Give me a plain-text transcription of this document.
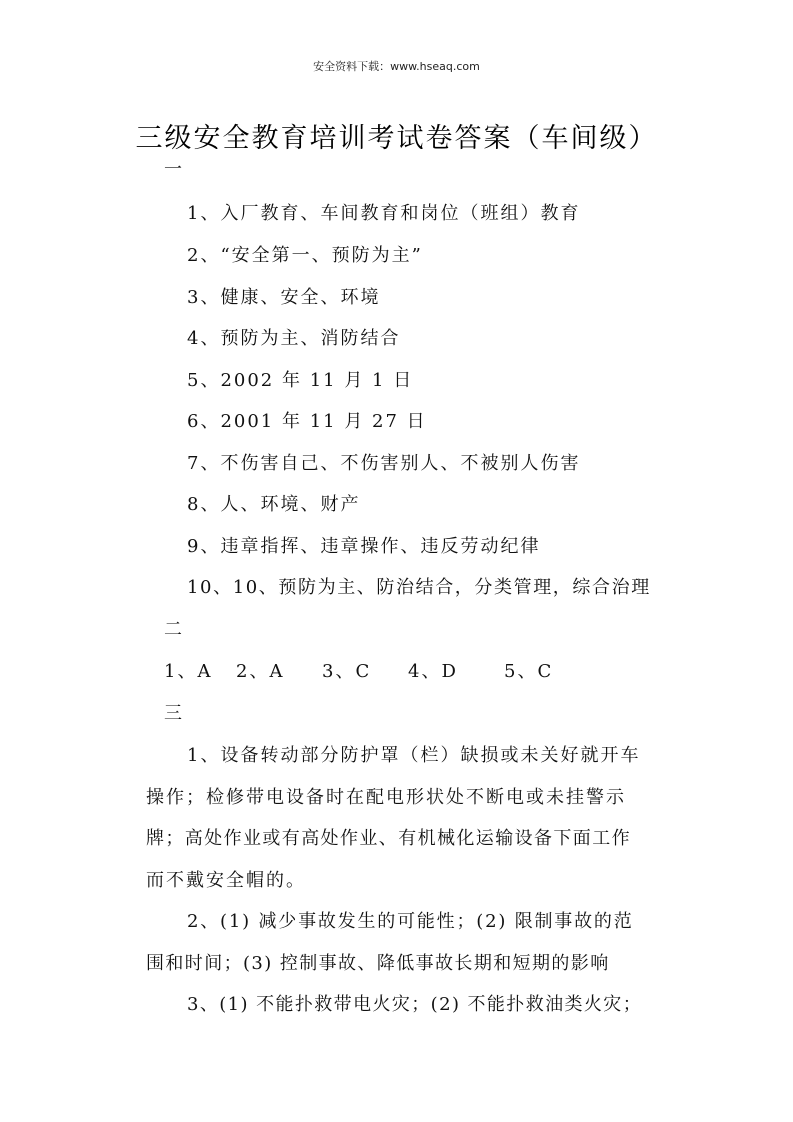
安全资料下载：www.hseaq.com
三级安全教育培训考试卷答案（车间级）
一
1、入厂教育、车间教育和岗位（班组）教育
2、“安全第一、预防为主”
3、健康、安全、环境
4、预防为主、消防结合
5、2002 年 11 月 1 日
6、2001 年 11 月 27 日
7、不伤害自己、不伤害别人、不被别人伤害
8、人、环境、财产
9、违章指挥、违章操作、违反劳动纪律
10、10、预防为主、防治结合，分类管理，综合治理
二
1、A 2、A 3、C 4、D	5、C
三
1、设备转动部分防护罩（栏）缺损或未关好就开车
操作；检修带电设备时在配电形状处不断电或未挂警示
牌；高处作业或有高处作业、有机械化运输设备下面工作
而不戴安全帽的。
2、(1) 减少事故发生的可能性；(2) 限制事故的范
围和时间；(3) 控制事故、降低事故长期和短期的影响
3、(1) 不能扑救带电火灾；(2) 不能扑救油类火灾；
